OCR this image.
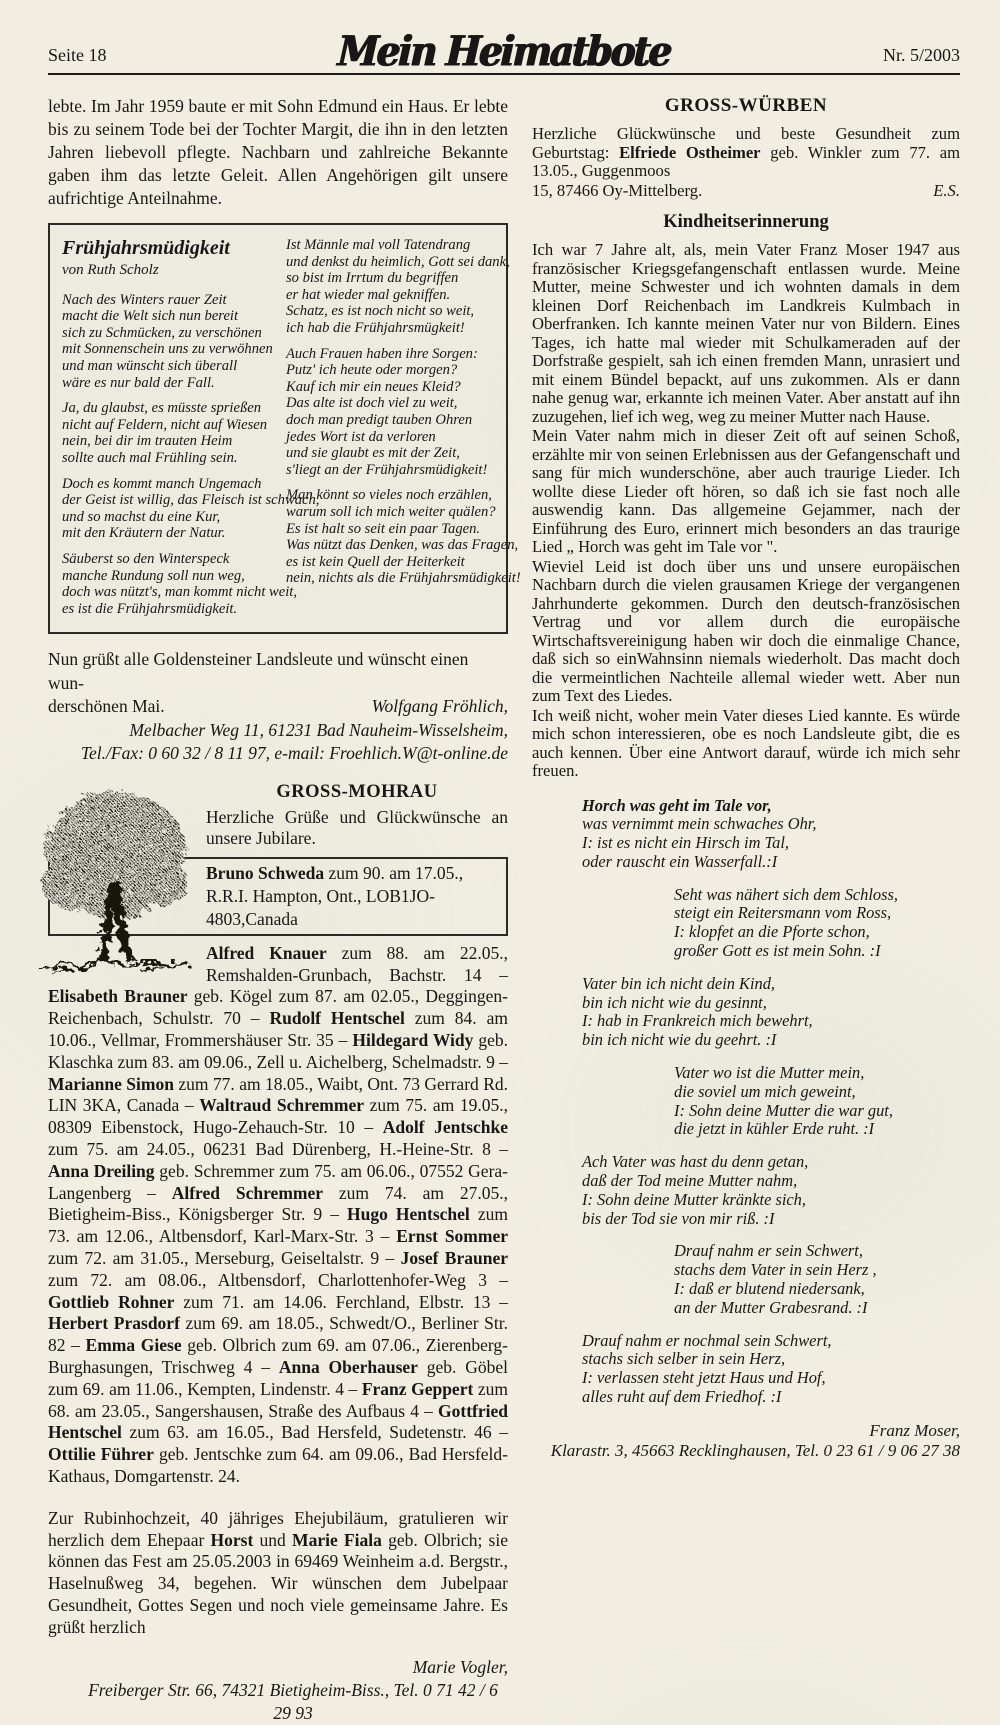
Seite 18	Mein Heimatbote	Nr. 5/2003

lebte. Im Jahr 1959 baute er mit Sohn Edmund ein Haus. Er lebte bis zu seinem Tode bei der Tochter Margit, die ihn in den letzten Jahren liebevoll pflegte. Nachbarn und zahlreiche Bekannte gaben ihm das letzte Geleit. Allen Angehörigen gilt unsere aufrichtige Anteilnahme.

Frühjahrsmüdigkeit
von Ruth Scholz

Nach des Winters rauer Zeit
macht die Welt sich nun bereit
sich zu Schmücken, zu verschönen
mit Sonnenschein uns zu verwöhnen
und man wünscht sich überall
wäre es nur bald der Fall.

Ja, du glaubst, es müsste sprießen
nicht auf Feldern, nicht auf Wiesen
nein, bei dir im trauten Heim
sollte auch mal Frühling sein.

Doch es kommt manch Ungemach
der Geist ist willig, das Fleisch ist schwach,
und so machst du eine Kur,
mit den Kräutern der Natur.

Säuberst so den Winterspeck
manche Rundung soll nun weg,
doch was nützt's, man kommt nicht weit,
es ist die Frühjahrsmüdigkeit.

Ist Männle mal voll Tatendrang
und denkst du heimlich, Gott sei dank,
so bist im Irrtum du begriffen
er hat wieder mal gekniffen.
Schatz, es ist noch nicht so weit,
ich hab die Frühjahrsmügkeit!

Auch Frauen haben ihre Sorgen:
Putz' ich heute oder morgen?
Kauf ich mir ein neues Kleid?
Das alte ist doch viel zu weit,
doch man predigt tauben Ohren
jedes Wort ist da verloren
und sie glaubt es mit der Zeit,
s'liegt an der Frühjahrsmüdigkeit!

Man könnt so vieles noch erzählen,
warum soll ich mich weiter quälen?
Es ist halt so seit ein paar Tagen.
Was nützt das Denken, was das Fragen,
es ist kein Quell der Heiterkeit
nein, nichts als die Frühjahrsmüdigkeit!

Nun grüßt alle Goldensteiner Landsleute und wünscht einen wun-
derschönen Mai.	Wolfgang Fröhlich,
Melbacher Weg 11, 61231 Bad Nauheim-Wisselsheim,
Tel./Fax: 0 60 32 / 8 11 97, e-mail: Froehlich.W@t-online.de
GROSS-MOHRAU

Herzliche Grüße und Glückwünsche an unsere Jubilare.

Bruno Schweda zum 90. am 17.05., R.R.I. Hampton, Ont., LOB1JO-4803,Canada

Alfred Knauer zum 88. am 22.05., Remshalden-Grunbach, Bachstr. 14 – Elisabeth Brauner geb. Kögel zum 87. am 02.05., Deggingen-Reichenbach, Schulstr. 70 – Rudolf Hentschel zum 84. am 10.06., Vellmar, Frommershäuser Str. 35 – Hildegard Widy geb. Klaschka zum 83. am 09.06., Zell u. Aichelberg, Schelmadstr. 9 – Marianne Simon zum 77. am 18.05., Waibt, Ont. 73 Gerrard Rd. LIN 3KA, Canada – Waltraud Schremmer zum 75. am 19.05., 08309 Eibenstock, Hugo-Zehauch-Str. 10 – Adolf Jentschke zum 75. am 24.05., 06231 Bad Dürenberg, H.-Heine-Str. 8 – Anna Dreiling geb. Schremmer zum 75. am 06.06., 07552 Gera-Langenberg – Alfred Schremmer zum 74. am 27.05., Bietigheim-Biss., Königsberger Str. 9 – Hugo Hentschel zum 73. am 12.06., Altbensdorf, Karl-Marx-Str. 3 – Ernst Sommer zum 72. am 31.05., Merseburg, Geiseltalstr. 9 – Josef Brauner zum 72. am 08.06., Altbensdorf, Charlottenhofer-Weg 3 – Gottlieb Rohner zum 71. am 14.06. Ferchland, Elbstr. 13 – Herbert Prasdorf zum 69. am 18.05., Schwedt/O., Berliner Str. 82 – Emma Giese geb. Olbrich zum 69. am 07.06., Zierenberg-Burghasungen, Trischweg 4 – Anna Oberhauser geb. Göbel zum 69. am 11.06., Kempten, Lindenstr. 4 – Franz Geppert zum 68. am 23.05., Sangershausen, Straße des Aufbaus 4 – Gottfried Hentschel zum 63. am 16.05., Bad Hersfeld, Sudetenstr. 46 – Ottilie Führer geb. Jentschke zum 64. am 09.06., Bad Hersfeld-Kathaus, Domgartenstr. 24.

Zur Rubinhochzeit, 40 jähriges Ehejubiläum, gratulieren wir herzlich dem Ehepaar Horst und Marie Fiala geb. Olbrich; sie können das Fest am 25.05.2003 in 69469 Weinheim a.d. Bergstr., Haselnußweg 34, begehen. Wir wünschen dem Jubelpaar Gesundheit, Gottes Segen und noch viele gemeinsame Jahre. Es grüßt herzlich

Marie Vogler,
Freiberger Str. 66, 74321 Bietigheim-Biss., Tel. 0 71 42 / 6 29 93
GROSS-WÜRBEN

Herzliche Glückwünsche und beste Gesundheit zum Geburtstag: Elfriede Ostheimer geb. Winkler zum 77. am 13.05., Guggenmoos

15, 87466 Oy-Mittelberg.	E.S.
Kindheitserinnerung

Ich war 7 Jahre alt, als, mein Vater Franz Moser 1947 aus französischer Kriegsgefangenschaft entlassen wurde. Meine Mutter, meine Schwester und ich wohnten damals in dem kleinen Dorf Reichenbach im Landkreis Kulmbach in Oberfranken. Ich kannte meinen Vater nur von Bildern. Eines Tages, ich hatte mal wieder mit Schulkameraden auf der Dorfstraße gespielt, sah ich einen fremden Mann, unrasiert und mit einem Bündel bepackt, auf uns zukommen. Als er dann nahe genug war, erkannte ich meinen Vater. Aber anstatt auf ihn zuzugehen, lief ich weg, weg zu meiner Mutter nach Hause.

Mein Vater nahm mich in dieser Zeit oft auf seinen Schoß, erzählte mir von seinen Erlebnissen aus der Gefangenschaft und sang für mich wunderschöne, aber auch traurige Lieder. Ich wollte diese Lieder oft hören, so daß ich sie fast noch alle auswendig kann. Das allgemeine Gejammer, nach der Einführung des Euro, erinnert mich besonders an das traurige Lied „ Horch was geht im Tale vor ".

Wieviel Leid ist doch über uns und unsere europäischen Nachbarn durch die vielen grausamen Kriege der vergangenen Jahrhunderte gekommen. Durch den deutsch-französischen Vertrag und vor allem durch die europäische Wirtschaftsvereinigung haben wir doch die einmalige Chance, daß sich so einWahnsinn niemals wiederholt. Das macht doch die vermeintlichen Nachteile allemal wieder wett. Aber nun zum Text des Liedes.

Ich weiß nicht, woher mein Vater dieses Lied kannte. Es würde mich schon interessieren, obe es noch Landsleute gibt, die es auch kennen. Über eine Antwort darauf, würde ich mich sehr freuen.

Horch was geht im Tale vor,
was vernimmt mein schwaches Ohr,
I: ist es nicht ein Hirsch im Tal,
oder rauscht ein Wasserfall.:I

Seht was nähert sich dem Schloss,
steigt ein Reitersmann vom Ross,
I: klopfet an die Pforte schon,
großer Gott es ist mein Sohn. :I

Vater bin ich nicht dein Kind,
bin ich nicht wie du gesinnt,
I: hab in Frankreich mich bewehrt,
bin ich nicht wie du geehrt. :I

Vater wo ist die Mutter mein,
die soviel um mich geweint,
I: Sohn deine Mutter die war gut,
die jetzt in kühler Erde ruht. :I

Ach Vater was hast du denn getan,
daß der Tod meine Mutter nahm,
I: Sohn deine Mutter kränkte sich,
bis der Tod sie von mir riß. :I

Drauf nahm er sein Schwert,
stachs dem Vater in sein Herz ,
I: daß er blutend niedersank,
an der Mutter Grabesrand. :I

Drauf nahm er nochmal sein Schwert,
stachs sich selber in sein Herz,
I: verlassen steht jetzt Haus und Hof,
alles ruht auf dem Friedhof. :I

Franz Moser,
Klarastr. 3, 45663 Recklinghausen, Tel. 0 23 61 / 9 06 27 38
